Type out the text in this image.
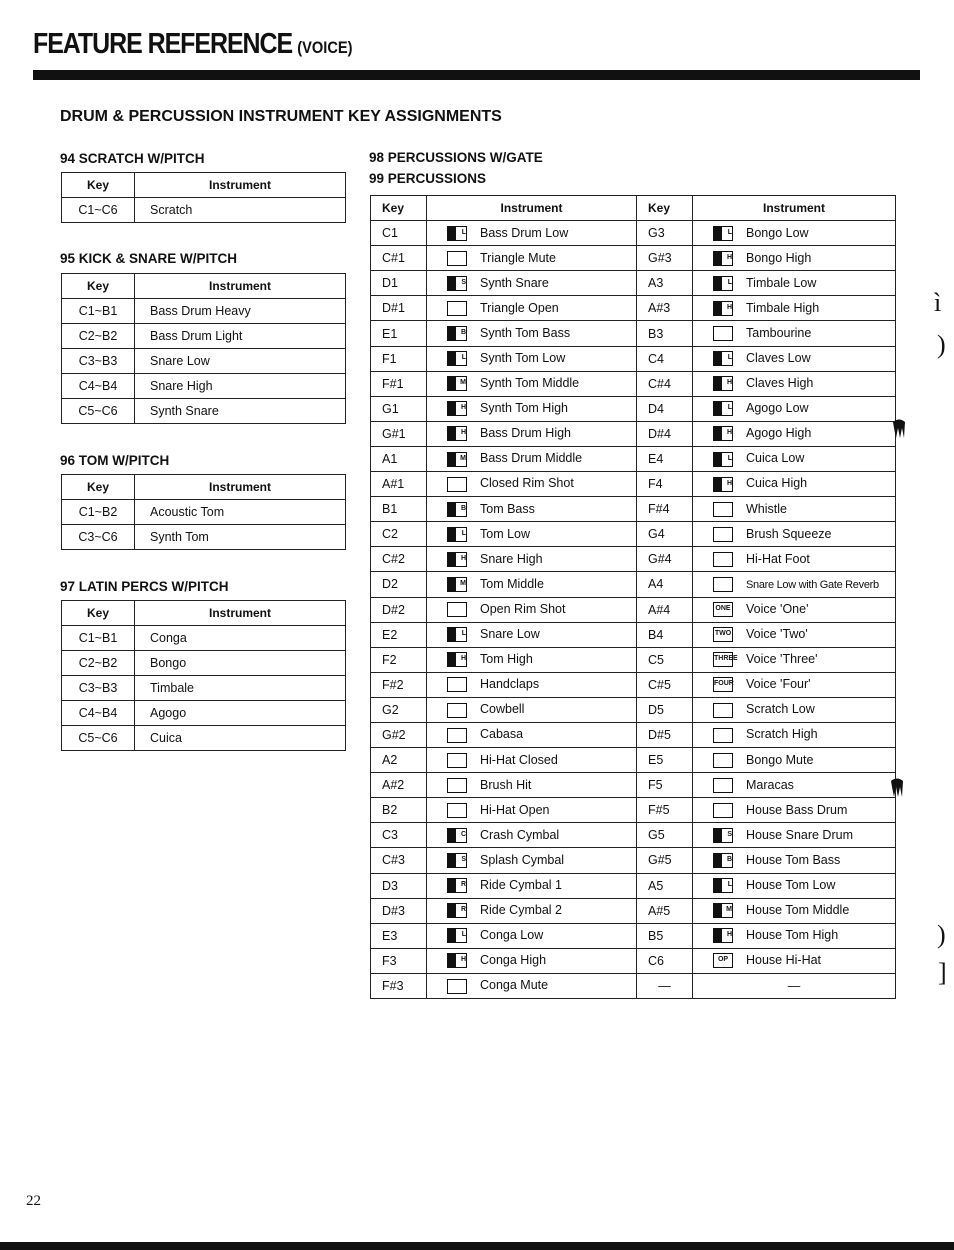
FEATURE REFERENCE (VOICE)
DRUM & PERCUSSION INSTRUMENT KEY ASSIGNMENTS
94 SCRATCH W/PITCH
Key	Instrument
C1~C6	Scratch
95 KICK & SNARE W/PITCH
Key	Instrument
C1~B1	Bass Drum Heavy
C2~B2	Bass Drum Light
C3~B3	Snare Low
C4~B4	Snare High
C5~C6	Synth Snare
96 TOM W/PITCH
Key	Instrument
C1~B2	Acoustic Tom
C3~C6	Synth Tom
97 LATIN PERCS W/PITCH
Key	Instrument
C1~B1	Conga
C2~B2	Bongo
C3~B3	Timbale
C4~B4	Agogo
C5~C6	Cuica
98 PERCUSSIONS W/GATE
99 PERCUSSIONS
Key	Instrument	Key	Instrument
C1	L Bass Drum Low	G3	L Bongo Low
C#1	Triangle Mute	G#3	H Bongo High
D1	S Synth Snare	A3	L Timbale Low
D#1	Triangle Open	A#3	H Timbale High
E1	B Synth Tom Bass	B3	Tambourine
F1	L Synth Tom Low	C4	L Claves Low
F#1	M Synth Tom Middle	C#4	H Claves High
G1	H Synth Tom High	D4	L Agogo Low
G#1	H Bass Drum High	D#4	H Agogo High
A1	M Bass Drum Middle	E4	L Cuica Low
A#1	Closed Rim Shot	F4	H Cuica High
B1	B Tom Bass	F#4	Whistle
C2	L Tom Low	G4	Brush Squeeze
C#2	H Snare High	G#4	Hi-Hat Foot
D2	M Tom Middle	A4	Snare Low with Gate Reverb
D#2	Open Rim Shot	A#4	ONE Voice 'One'
E2	L Snare Low	B4	TWO Voice 'Two'
F2	H Tom High	C5	THREE Voice 'Three'
F#2	Handclaps	C#5	FOUR Voice 'Four'
G2	Cowbell	D5	Scratch Low
G#2	Cabasa	D#5	Scratch High
A2	Hi-Hat Closed	E5	Bongo Mute
A#2	Brush Hit	F5	Maracas
B2	Hi-Hat Open	F#5	House Bass Drum
C3	C Crash Cymbal	G5	S House Snare Drum
C#3	S Splash Cymbal	G#5	B House Tom Bass
D3	R Ride Cymbal 1	A5	L House Tom Low
D#3	R Ride Cymbal 2	A#5	M House Tom Middle
E3	L Conga Low	B5	H House Tom High
F3	H Conga High	C6	OP House Hi-Hat
F#3	Conga Mute	—	—
ì
)
)
]
22
